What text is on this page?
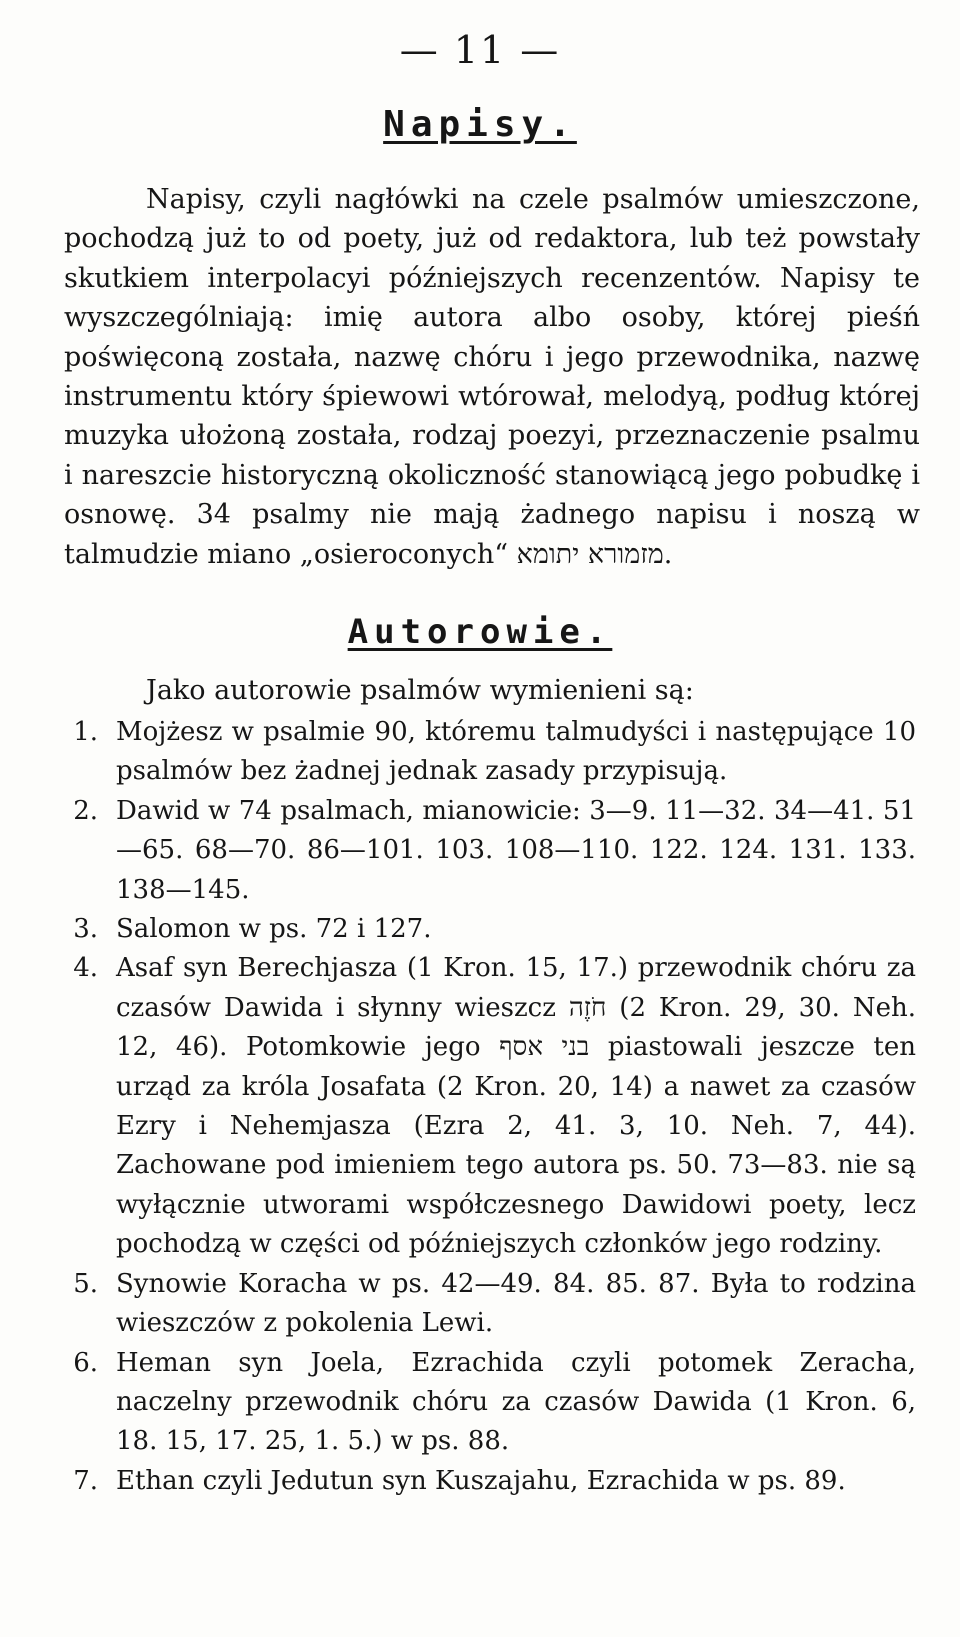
— 11 —
Napisy.
Napisy, czyli nagłówki na czele psalmów umieszczone, pochodzą już to od poety, już od redaktora, lub też powstały skutkiem interpolacyi późniejszych recenzentów. Napisy te wyszczególniają: imię autora albo osoby, której pieśń poświęconą została, nazwę chóru i jego przewodnika, nazwę instrumentu który śpiewowi wtórował, melodyą, podług której muzyka ułożoną została, rodzaj poezyi, przeznaczenie psalmu i nareszcie historyczną okoliczność stanowiącą jego pobudkę i osnowę. 34 psalmy nie mają żadnego napisu i noszą w talmudzie miano „osieroconych“ מזמורא יתומא.
Autorowie.
Jako autorowie psalmów wymienieni są:
1. Mojżesz w psalmie 90, któremu talmudyści i następujące 10 psalmów bez żadnej jednak zasady przypisują.
2. Dawid w 74 psalmach, mianowicie: 3—9. 11—32. 34—41. 51—65. 68—70. 86—101. 103. 108—110. 122. 124. 131. 133. 138—145.
3. Salomon w ps. 72 i 127.
4. Asaf syn Berechjasza (1 Kron. 15, 17.) przewodnik chóru za czasów Dawida i słynny wieszcz חֹזֶה (2 Kron. 29, 30. Neh. 12, 46). Potomkowie jego בני אסף piastowali jeszcze ten urząd za króla Josafata (2 Kron. 20, 14) a nawet za czasów Ezry i Nehemjasza (Ezra 2, 41. 3, 10. Neh. 7, 44). Zachowane pod imieniem tego autora ps. 50. 73—83. nie są wyłącznie utworami współczesnego Dawidowi poety, lecz pochodzą w części od późniejszych członków jego rodziny.
5. Synowie Koracha w ps. 42—49. 84. 85. 87. Była to rodzina wieszczów z pokolenia Lewi.
6. Heman syn Joela, Ezrachida czyli potomek Zeracha, naczelny przewodnik chóru za czasów Dawida (1 Kron. 6, 18. 15, 17. 25, 1. 5.) w ps. 88.
7. Ethan czyli Jedutun syn Kuszajahu, Ezrachida w ps. 89.
